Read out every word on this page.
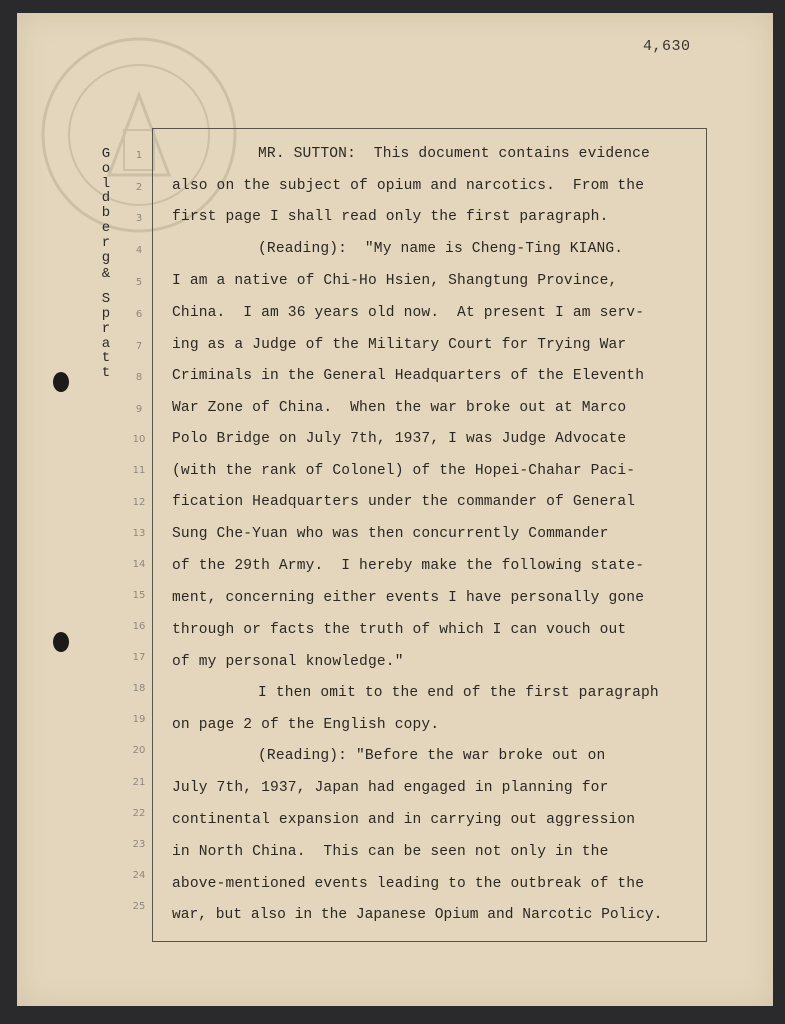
4,630
G
o
l
d
b
e
r
g
&
S
p
r
a
t
t
1
2
3
4
5
6
7
8
9
10
11
12
13
14
15
16
17
18
19
20
21
22
23
24
25
MR. SUTTON:  This document contains evidence
also on the subject of opium and narcotics.  From the
first page I shall read only the first paragraph.
(Reading):  "My name is Cheng-Ting KIANG.
I am a native of Chi-Ho Hsien, Shangtung Province,
China.  I am 36 years old now.  At present I am serv-
ing as a Judge of the Military Court for Trying War
Criminals in the General Headquarters of the Eleventh
War Zone of China.  When the war broke out at Marco
Polo Bridge on July 7th, 1937, I was Judge Advocate
(with the rank of Colonel) of the Hopei-Chahar Paci-
fication Headquarters under the commander of General
Sung Che-Yuan who was then concurrently Commander
of the 29th Army.  I hereby make the following state-
ment, concerning either events I have personally gone
through or facts the truth of which I can vouch out
of my personal knowledge."
I then omit to the end of the first paragraph
on page 2 of the English copy.
(Reading): "Before the war broke out on
July 7th, 1937, Japan had engaged in planning for
continental expansion and in carrying out aggression
in North China.  This can be seen not only in the
above-mentioned events leading to the outbreak of the
war, but also in the Japanese Opium and Narcotic Policy.
